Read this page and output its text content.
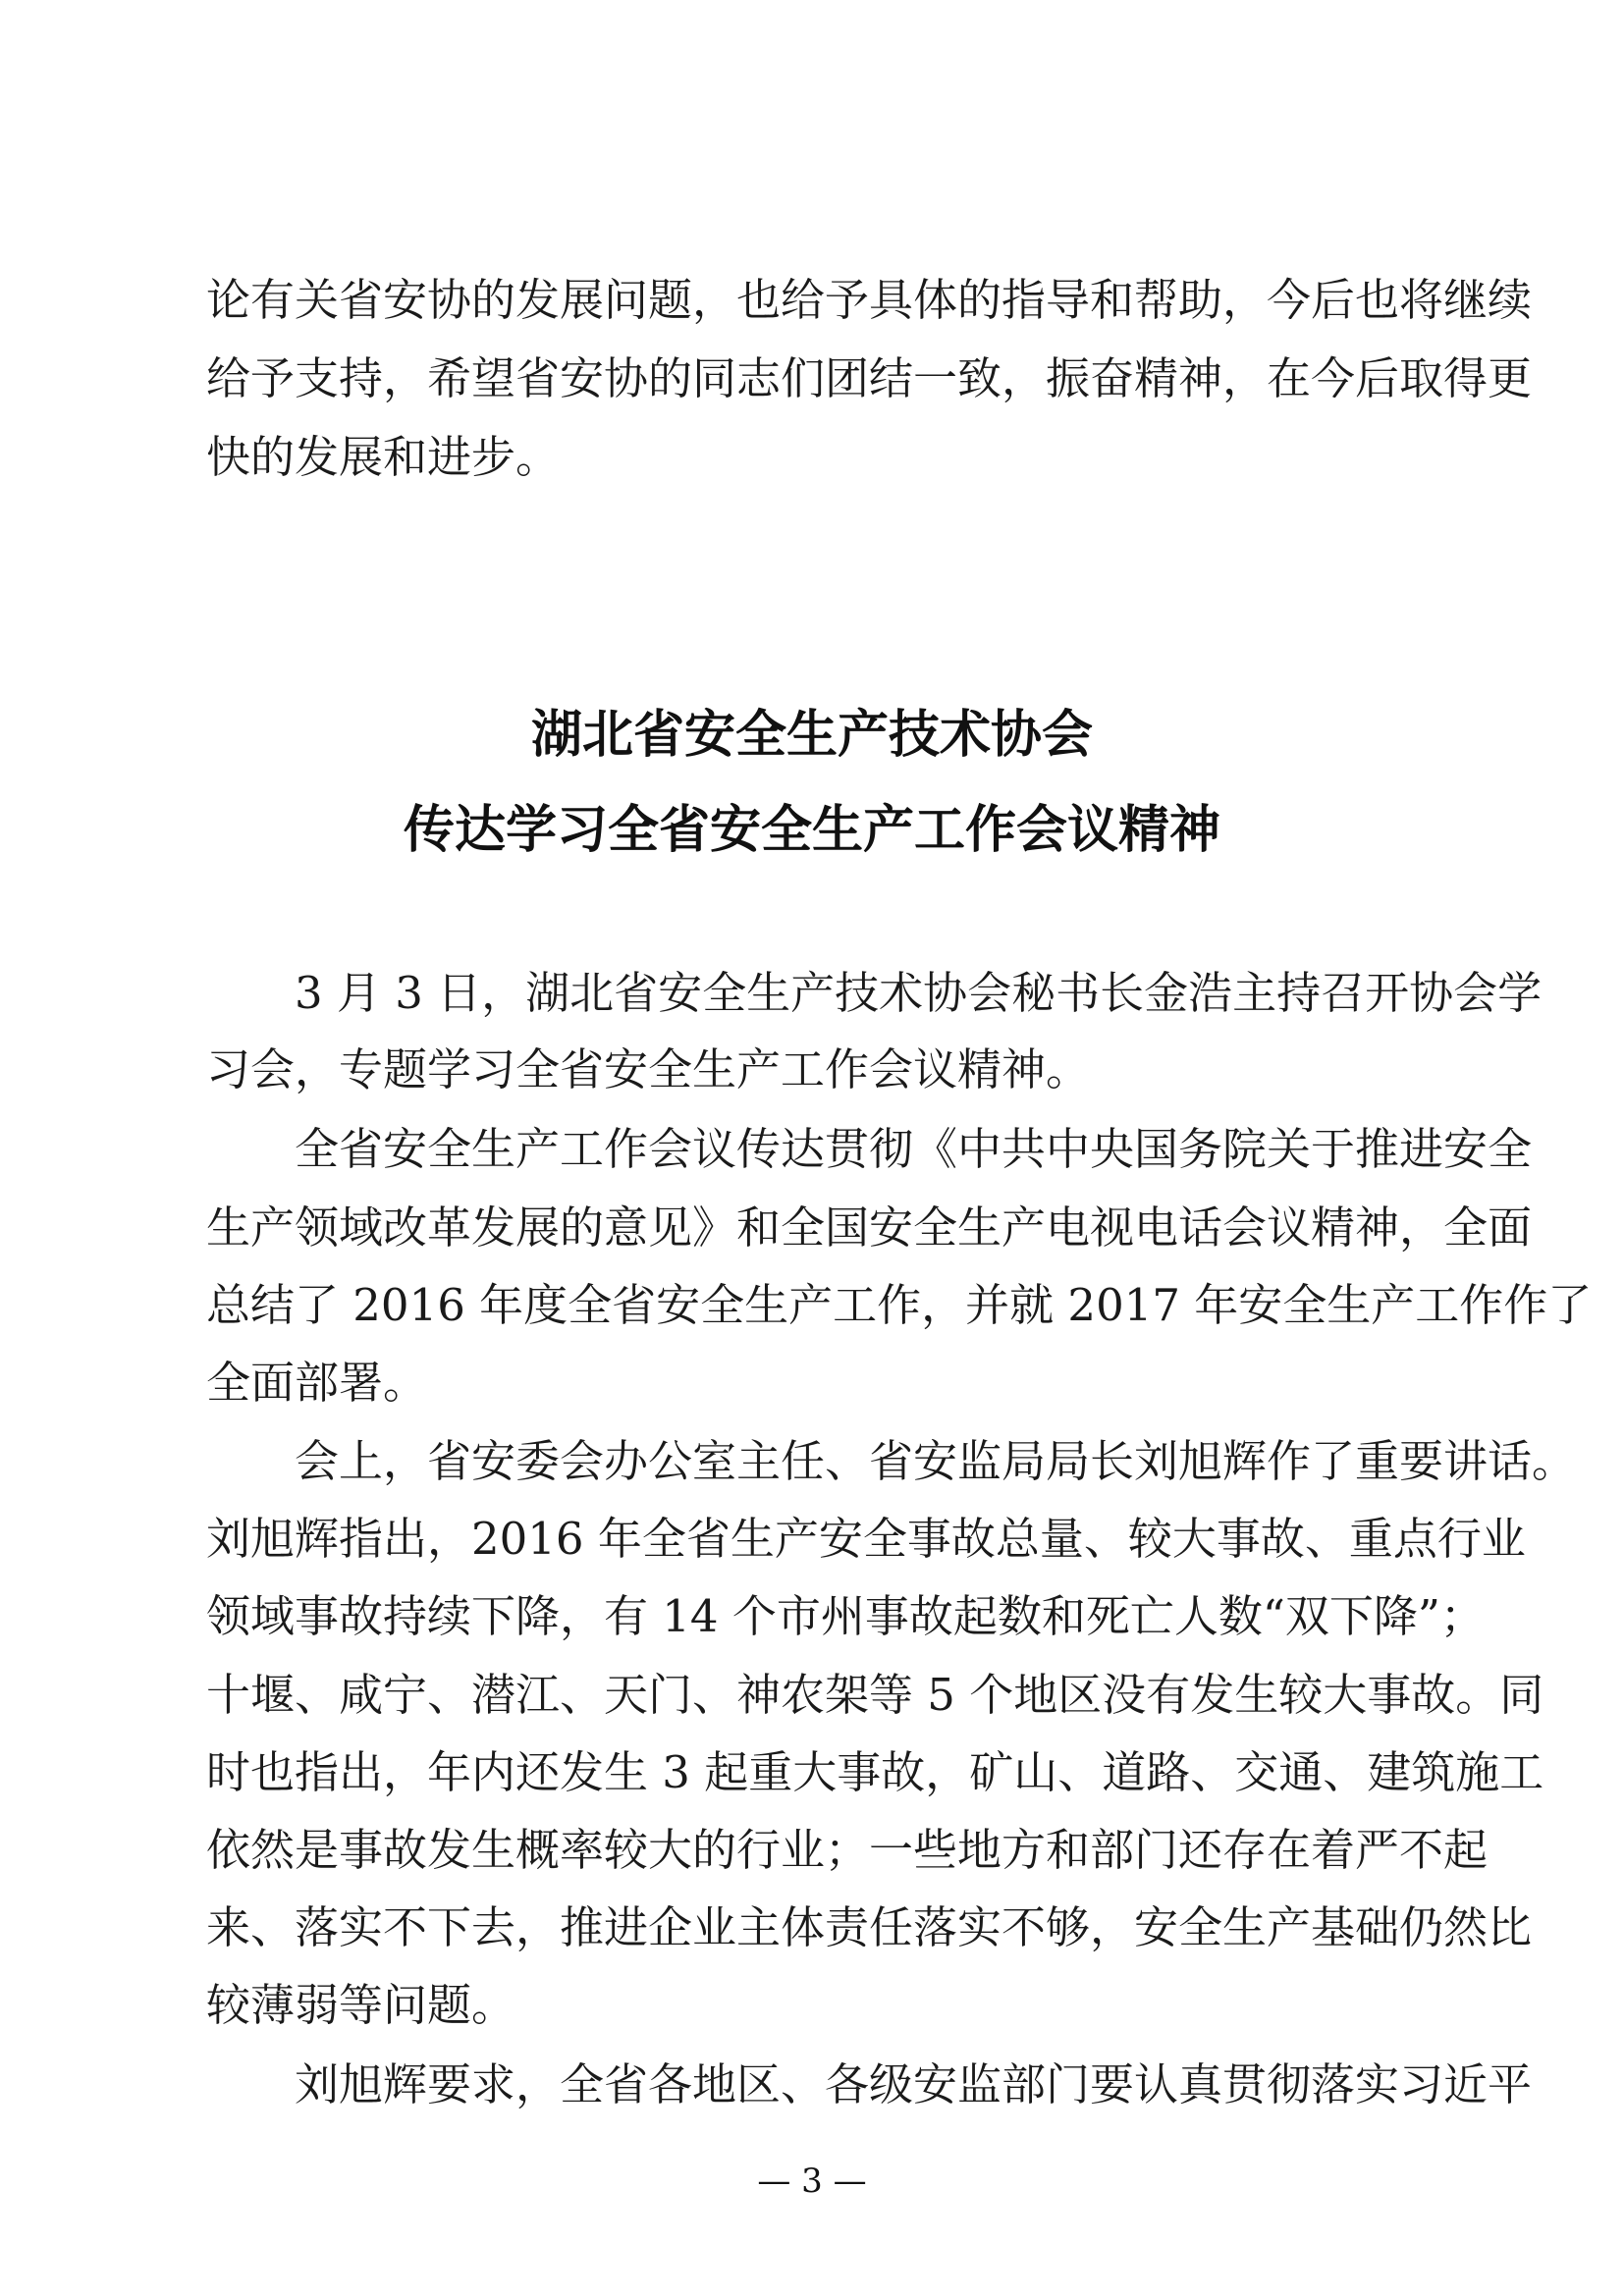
论有关省安协的发展问题，也给予具体的指导和帮助，今后也将继续
给予支持，希望省安协的同志们团结一致，振奋精神，在今后取得更
快的发展和进步。
湖北省安全生产技术协会
传达学习全省安全生产工作会议精神
3 月 3 日，湖北省安全生产技术协会秘书长金浩主持召开协会学
习会，专题学习全省安全生产工作会议精神。
全省安全生产工作会议传达贯彻《中共中央国务院关于推进安全
生产领域改革发展的意见》和全国安全生产电视电话会议精神，全面
总结了 2016 年度全省安全生产工作，并就 2017 年安全生产工作作了
全面部署。
会上，省安委会办公室主任、省安监局局长刘旭辉作了重要讲话。
刘旭辉指出，2016 年全省生产安全事故总量、较大事故、重点行业
领域事故持续下降，有 14 个市州事故起数和死亡人数“双下降”；
十堰、咸宁、潜江、天门、神农架等 5 个地区没有发生较大事故。同
时也指出，年内还发生 3 起重大事故，矿山、道路、交通、建筑施工
依然是事故发生概率较大的行业；一些地方和部门还存在着严不起
来、落实不下去，推进企业主体责任落实不够，安全生产基础仍然比
较薄弱等问题。
刘旭辉要求，全省各地区、各级安监部门要认真贯彻落实习近平
— 3 —
